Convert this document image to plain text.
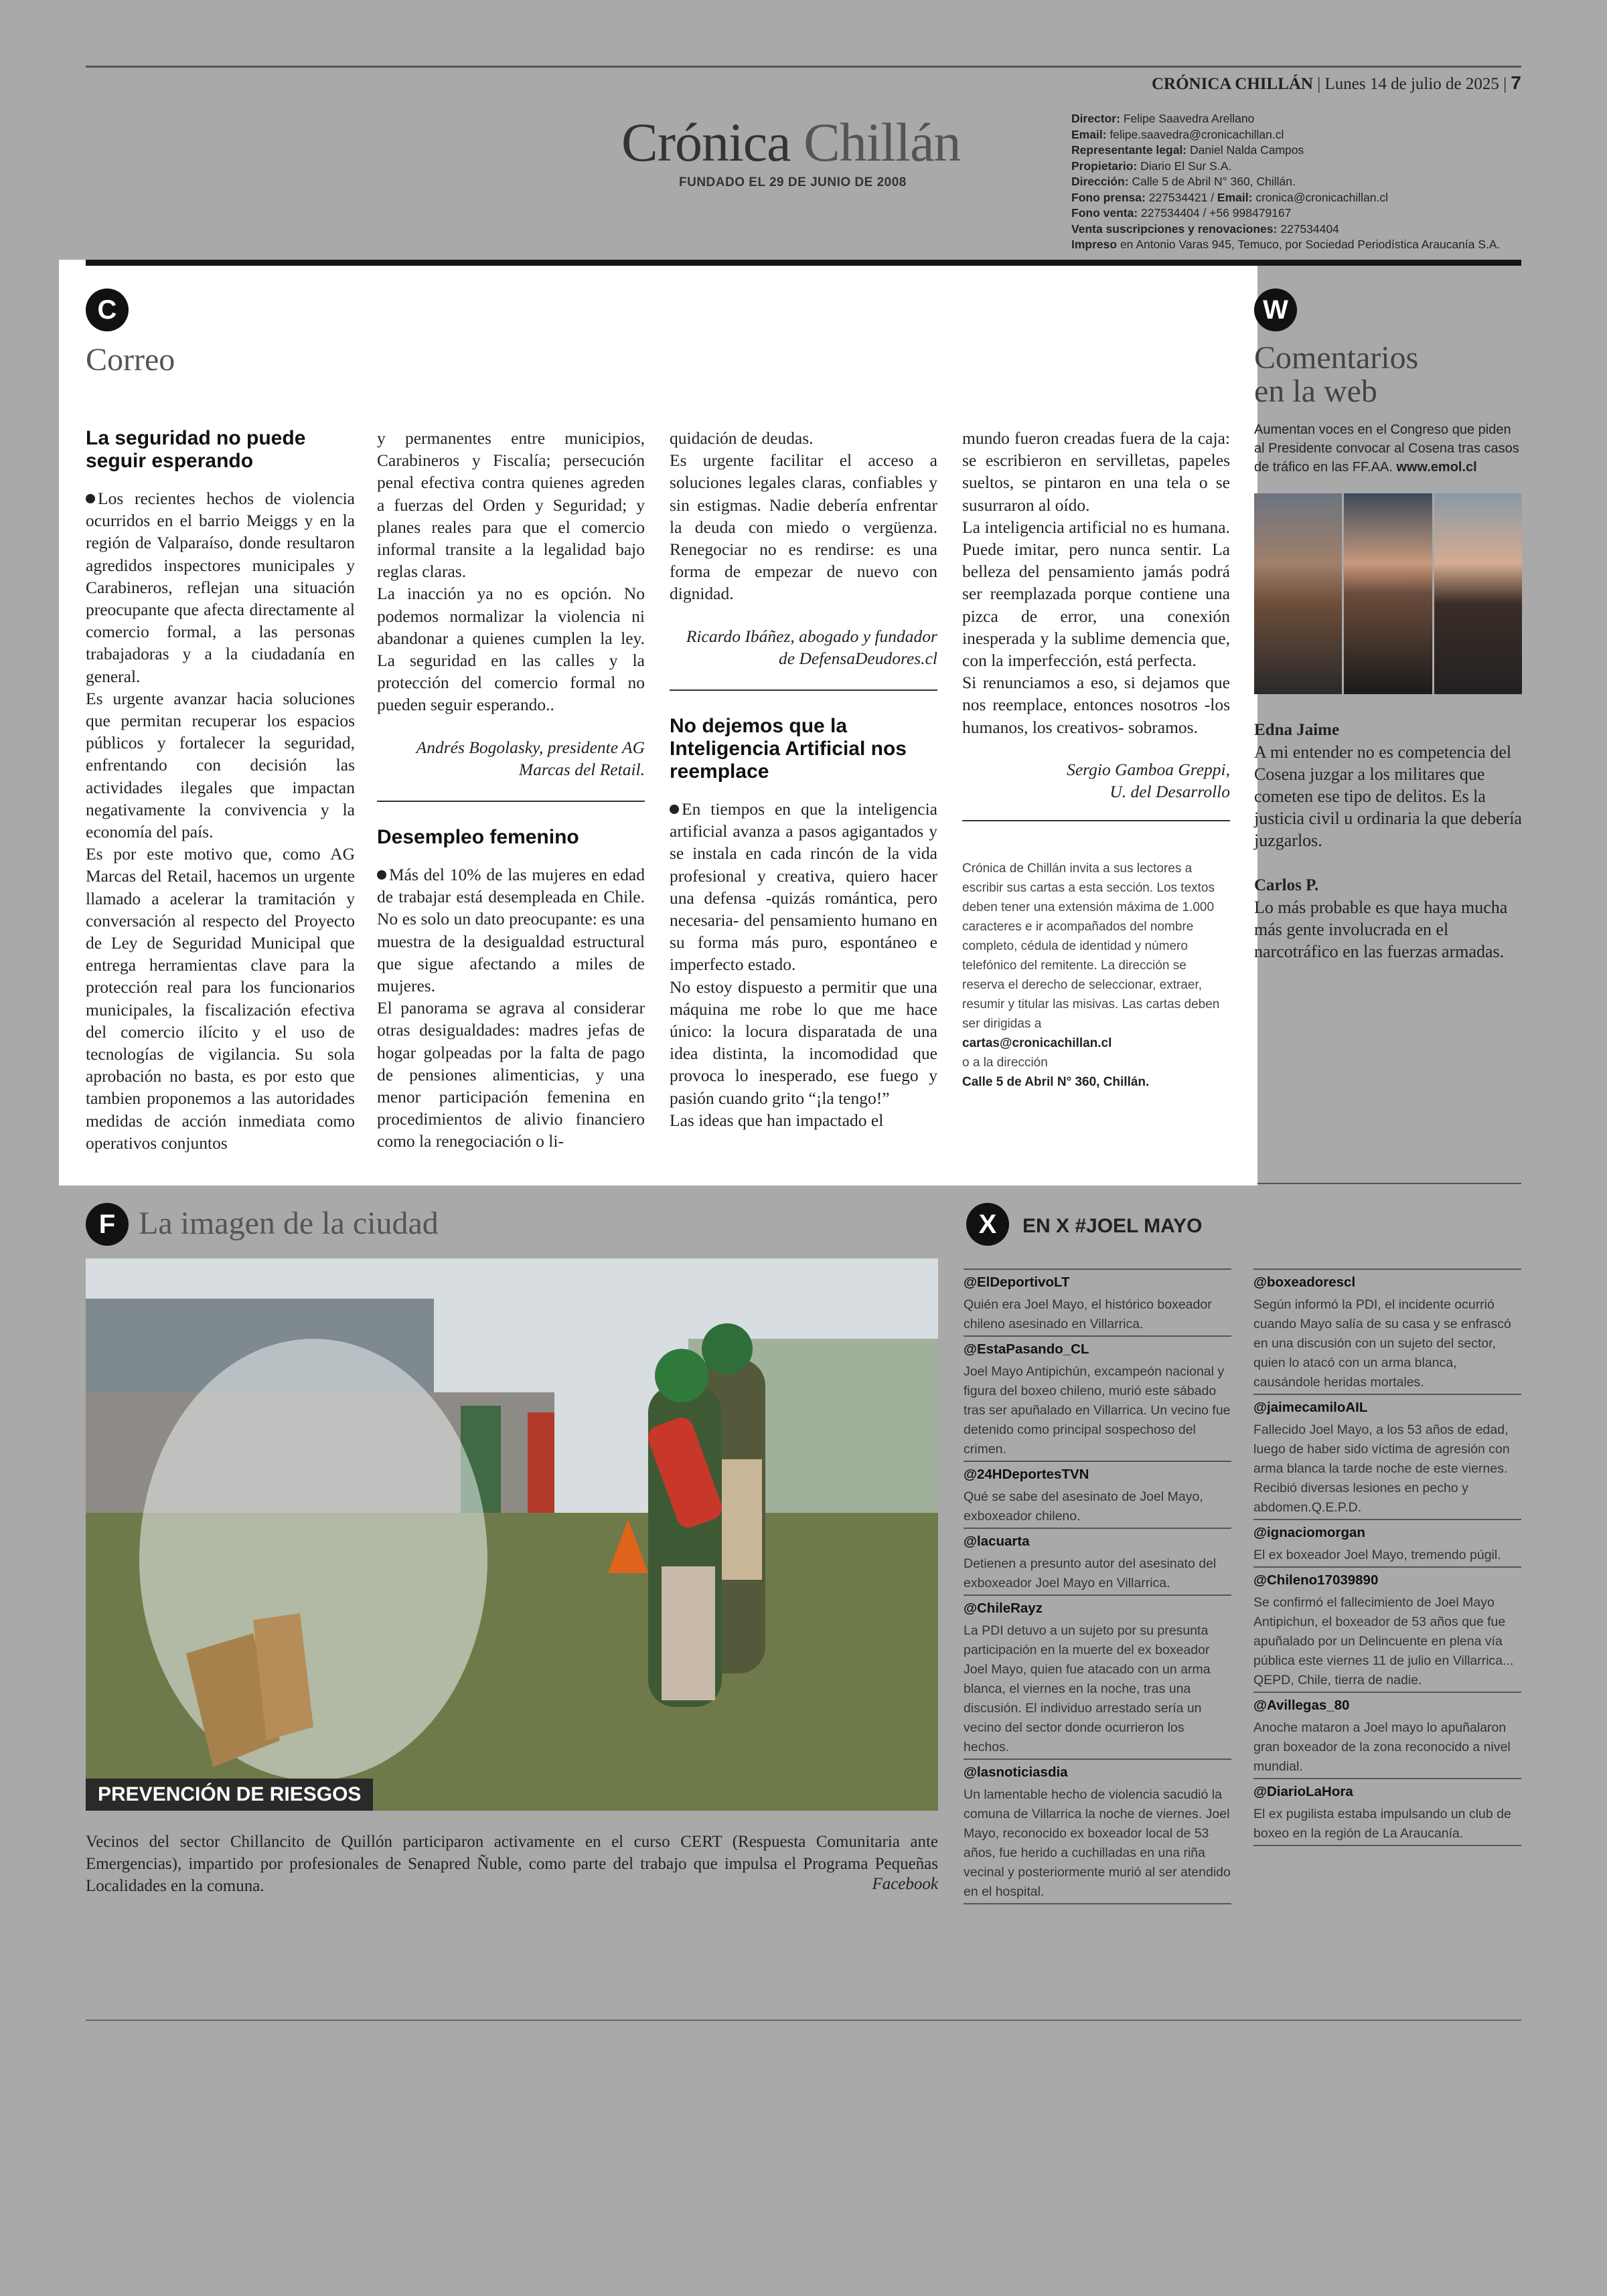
CRÓNICA CHILLÁN | Lunes 14 de julio de 2025 | 7
Crónica Chillán
FUNDADO EL 29 DE JUNIO DE 2008
Director: Felipe Saavedra Arellano
Email: felipe.saavedra@cronicachillan.cl
Representante legal: Daniel Nalda Campos
Propietario: Diario El Sur S.A.
Dirección: Calle 5 de Abril N° 360, Chillán.
Fono prensa: 227534421 / Email: cronica@cronicachillan.cl
Fono venta: 227534404 / +56 998479167
Venta suscripciones y renovaciones: 227534404
Impreso en Antonio Varas 945, Temuco, por Sociedad Periodística Araucanía S.A.
C
Correo
La seguridad no puede seguir esperando

Los recientes hechos de violencia ocurridos en el barrio Meiggs y en la región de Valparaíso, donde resultaron agredidos inspectores municipales y Carabineros, reflejan una situación preocupante que afecta directamente al comercio formal, a las personas trabajadoras y a la ciudadanía en general.

Es urgente avanzar hacia soluciones que permitan recuperar los espacios públicos y fortalecer la seguridad, enfrentando con decisión las actividades ilegales que impactan negativamente la convivencia y la economía del país.

Es por este motivo que, como AG Marcas del Retail, hacemos un urgente llamado a acelerar la tramitación y conversación al respecto del Proyecto de Ley de Seguridad Municipal que entrega herramientas clave para la protección real para los funcionarios municipales, la fiscalización efectiva del comercio ilícito y el uso de tecnologías de vigilancia. Su sola aprobación no basta, es por esto que tambien proponemos a las autoridades medidas de acción inmediata como operativos conjuntos

y permanentes entre municipios, Carabineros y Fiscalía; persecución penal efectiva contra quienes agreden a fuerzas del Orden y Seguridad; y planes reales para que el comercio informal transite a la legalidad bajo reglas claras.

La inacción ya no es opción. No podemos normalizar la violencia ni abandonar a quienes cumplen la ley. La seguridad en las calles y la protección del comercio formal no pueden seguir esperando..

Andrés Bogolasky, presidente AG
Marcas del Retail.
Desempleo femenino

Más del 10% de las mujeres en edad de trabajar está desempleada en Chile. No es solo un dato preocupante: es una muestra de la desigualdad estructural que sigue afectando a miles de mujeres.

El panorama se agrava al considerar otras desigualdades: madres jefas de hogar golpeadas por la falta de pago de pensiones alimenticias, y una menor participación femenina en procedimientos de alivio financiero como la renegociación o li-

quidación de deudas.

Es urgente facilitar el acceso a soluciones legales claras, confiables y sin estigmas. Nadie debería enfrentar la deuda con miedo o vergüenza. Renegociar no es rendirse: es una forma de empezar de nuevo con dignidad.

Ricardo Ibáñez, abogado y fundador de DefensaDeudores.cl
No dejemos que la Inteligencia Artificial nos reemplace

En tiempos en que la inteligencia artificial avanza a pasos agigantados y se instala en cada rincón de la vida profesional y creativa, quiero hacer una defensa -quizás romántica, pero necesaria- del pensamiento humano en su forma más puro, espontáneo e imperfecto estado.

No estoy dispuesto a permitir que una máquina me robe lo que me hace único: la locura disparatada de una idea distinta, la incomodidad que provoca lo inesperado, ese fuego y pasión cuando grito “¡la tengo!”

Las ideas que han impactado el

mundo fueron creadas fuera de la caja: se escribieron en servilletas, papeles sueltos, se pintaron en una tela o se susurraron al oído.

La inteligencia artificial no es humana. Puede imitar, pero nunca sentir. La belleza del pensamiento jamás podrá ser reemplazada porque contiene una pizca de error, una conexión inesperada y la sublime demencia que, con la imperfección, está perfecta.

Si renunciamos a eso, si dejamos que nos reemplace, entonces nosotros -los humanos, los creativos- sobramos.

Sergio Gamboa Greppi,
U. del Desarrollo
Crónica de Chillán invita a sus lectores a escribir sus cartas a esta sección. Los textos deben tener una extensión máxima de 1.000 caracteres e ir acompañados del nombre completo, cédula de identidad y número telefónico del remitente. La dirección se reserva el derecho de seleccionar, extraer, resumir y titular las misivas. Las cartas deben ser dirigidas a
cartas@cronicachillan.cl
o a la dirección
Calle 5 de Abril N° 360, Chillán.
W
Comentarios
en la web
Aumentan voces en el Congreso que piden al Presidente convocar al Cosena tras casos de tráfico en las FF.AA. www.emol.cl
Edna Jaime
A mi entender no es competencia del Cosena juzgar a los militares que cometen ese tipo de delitos. Es la justicia civil u ordinaria la que debería juzgarlos.
Carlos P.
Lo más probable es que haya mucha más gente involucrada en el narcotráfico en las fuerzas armadas.
F La imagen de la ciudad
PREVENCIÓN DE RIESGOS
Vecinos del sector Chillancito de Quillón participaron activamente en el curso CERT (Respuesta Comunitaria ante Emergencias), impartido por profesionales de Senapred Ñuble, como parte del trabajo que impulsa el Programa Pequeñas Localidades en la comuna.	Facebook
X	EN X #JOEL MAYO
@ElDeportivoLT
Quién era Joel Mayo, el histórico boxeador chileno asesinado en Villarrica.
@EstaPasando_CL
Joel Mayo Antipichún, excampeón nacional y figura del boxeo chileno, murió este sábado tras ser apuñalado en Villarrica. Un vecino fue detenido como principal sospechoso del crimen.
@24HDeportesTVN
Qué se sabe del asesinato de Joel Mayo, exboxeador chileno.
@lacuarta
Detienen a presunto autor del asesinato del exboxeador Joel Mayo en Villarrica.
@ChileRayz
La PDI detuvo a un sujeto por su presunta participación en la muerte del ex boxeador Joel Mayo, quien fue atacado con un arma blanca, el viernes en la noche, tras una discusión. El individuo arrestado sería un vecino del sector donde ocurrieron los hechos.
@lasnoticiasdia
Un lamentable hecho de violencia sacudió la comuna de Villarrica la noche de viernes. Joel Mayo, reconocido ex boxeador local de 53 años, fue herido a cuchilladas en una riña vecinal y posteriormente murió al ser atendido en el hospital.
@boxeadorescl
Según informó la PDI, el incidente ocurrió cuando Mayo salía de su casa y se enfrascó en una discusión con un sujeto del sector, quien lo atacó con un arma blanca, causándole heridas mortales.
@jaimecamiloAIL
Fallecido Joel Mayo, a los 53 años de edad, luego de haber sido víctima de agresión con arma blanca la tarde noche de este viernes. Recibió diversas lesiones en pecho y abdomen.Q.E.P.D.
@ignaciomorgan
El ex boxeador Joel Mayo, tremendo púgil.
@Chileno17039890
Se confirmó el fallecimiento de Joel Mayo Antipichun, el boxeador de 53 años que fue apuñalado por un Delincuente en plena vía pública este viernes 11 de julio en Villarrica... QEPD, Chile, tierra de nadie.
@Avillegas_80
Anoche mataron a Joel mayo lo apuñalaron gran boxeador de la zona reconocido a nivel mundial.
@DiarioLaHora
El ex pugilista estaba impulsando un club de boxeo en la región de La Araucanía.
